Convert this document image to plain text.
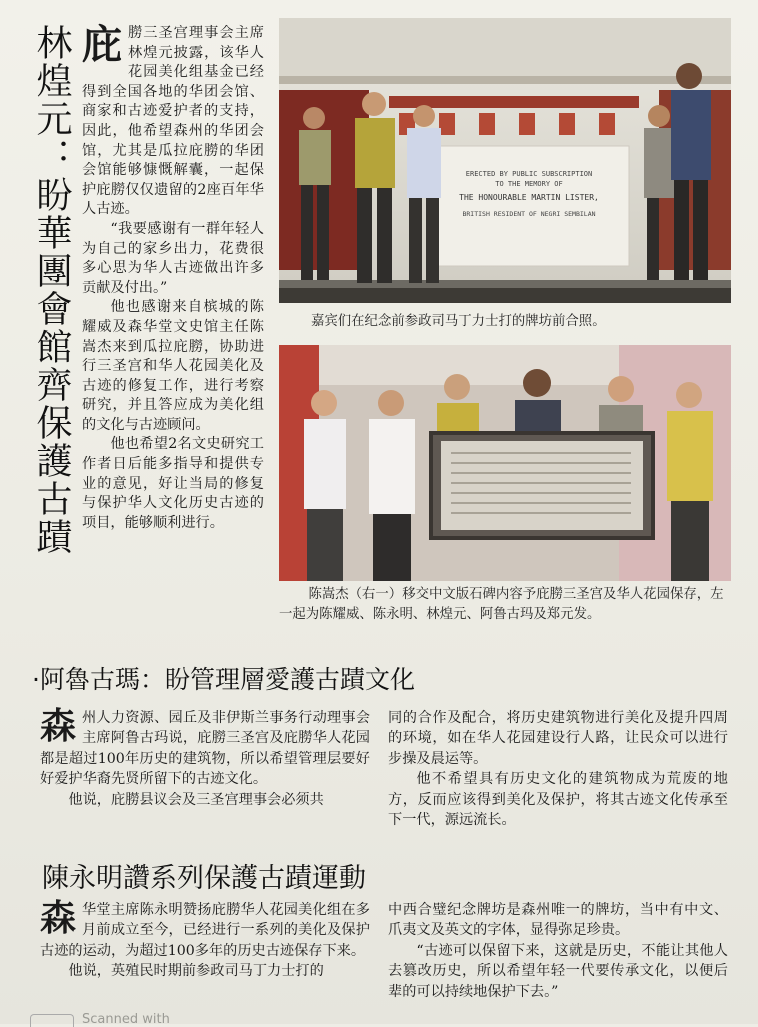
林煌元：盼華團會館齊保護古蹟 庇朥三圣宫理事会主席林煌元披露，该华人花园美化组基金已经得到全国各地的华团会馆、商家和古迹爱护者的支持，因此，他希望森州的华团会馆，尤其是瓜拉庇朥的华团会馆能够慷慨解囊，一起保护庇朥仅仅遗留的2座百年华人古迹。

“我要感谢有一群年轻人为自己的家乡出力，花费很多心思为华人古迹做出许多贡献及付出。”

他也感谢来自槟城的陈耀威及森华堂文史馆主任陈嵩杰来到瓜拉庇朥，协助进行三圣宫和华人花园美化及古迹的修复工作，进行考察研究，并且答应成为美化组的文化与古迹顾问。

他也希望2名文史研究工作者日后能多指导和提供专业的意见，好让当局的修复与保护华人文化历史古迹的项目，能够顺利进行。

ERECTED BY PUBLIC SUBSCRIPTION
TO THE MEMORY OF
THE HONOURABLE MARTIN LISTER,
BRITISH RESIDENT OF NEGRI SEMBILAN
嘉宾们在纪念前参政司马丁力士打的牌坊前合照。
陈嵩杰（右一）移交中文版石碑内容予庇朥三圣宫及华人花园保存，左一起为陈耀威、陈永明、林煌元、阿鲁古玛及郑元发。
·阿魯古瑪：盼管理層愛護古蹟文化

森州人力资源、园丘及非伊斯兰事务行动理事会主席阿鲁古玛说，庇朥三圣宫及庇朥华人花园都是超过100年历史的建筑物，所以希望管理层要好好爱护华裔先贤所留下的古迹文化。

他说，庇朥县议会及三圣宫理事会必须共

同的合作及配合，将历史建筑物进行美化及提升四周的环境，如在华人花园建设行人路，让民众可以进行步操及晨运等。

他不希望具有历史文化的建筑物成为荒废的地方，反而应该得到美化及保护，将其古迹文化传承至下一代，源远流长。

陳永明讚系列保護古蹟運動

森华堂主席陈永明赞扬庇朥华人花园美化组在多月前成立至今，已经进行一系列的美化及保护古迹的运动，为超过100多年的历史古迹保存下来。

他说，英殖民时期前参政司马丁力士打的

中西合璧纪念牌坊是森州唯一的牌坊，当中有中文、爪夷文及英文的字体，显得弥足珍贵。

“古迹可以保留下来，这就是历史，不能让其他人去篡改历史，所以希望年轻一代要传承文化，以便后辈的可以持续地保护下去。”

Scanned with
